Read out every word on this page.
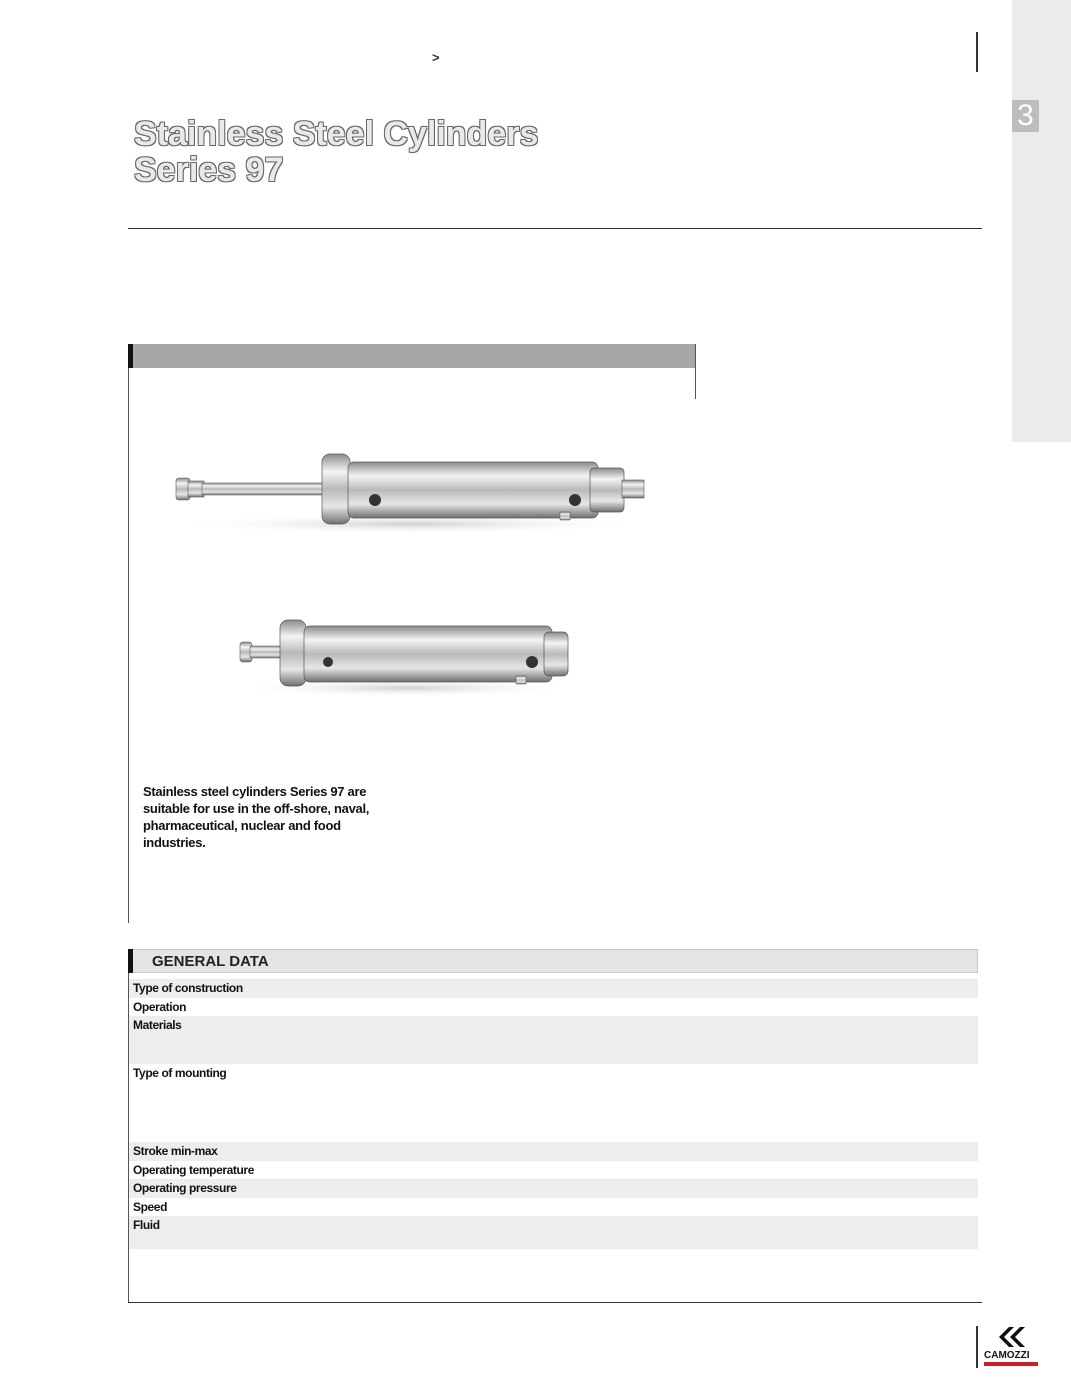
>
3
Stainless Steel Cylinders
Series 97
Stainless steel cylinders Series 97 are suitable for use in the off-shore, naval, pharmaceutical, nuclear and food industries.
GENERAL DATA
Type of construction
Operation
Materials
Type of mounting
Stroke min-max
Operating temperature
Operating pressure
Speed
Fluid
CAMOZZI
